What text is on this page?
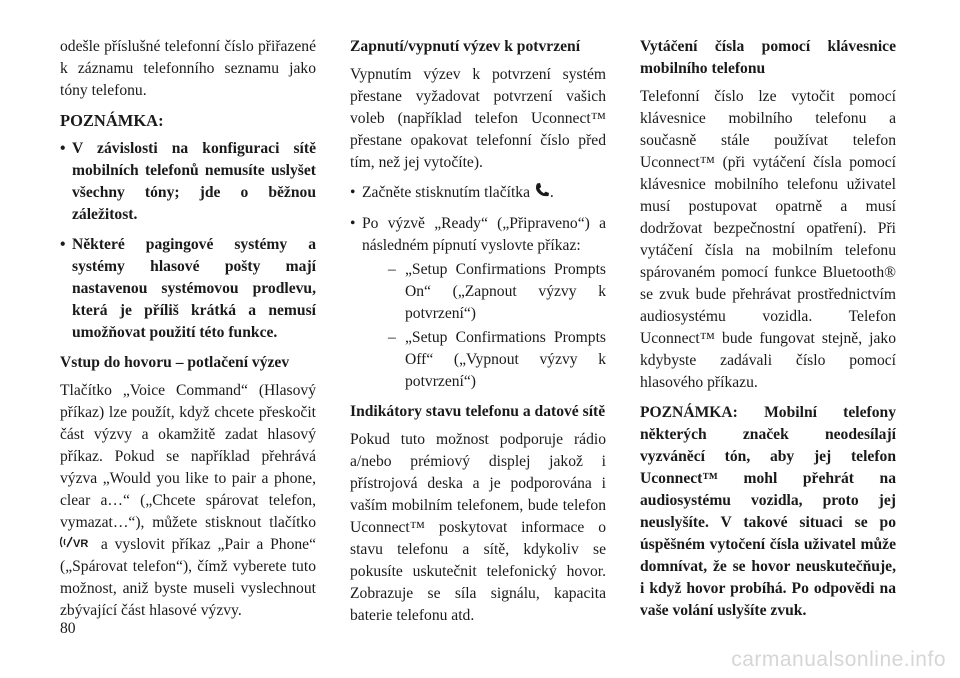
odešle příslušné telefonní číslo přiřazené k záznamu telefonního seznamu jako tóny telefonu.

POZNÁMKA:
• V závislosti na konfiguraci sítě mobilních telefonů nemusíte uslyšet všechny tóny; jde o běžnou záležitost.
• Některé pagingové systémy a systémy hlasové pošty mají nastavenou systémovou prodlevu, která je příliš krátká a nemusí umožňovat použití této funkce.
Vstup do hovoru – potlačení výzev

Tlačítko „Voice Command“ (Hlasový příkaz) lze použít, když chcete přeskočit část výzvy a okamžitě zadat hlasový příkaz. Pokud se například přehrává výzva „Would you like to pair a phone, clear a…“ („Chcete spárovat telefon, vymazat…“), můžete stisknout tlačítko
VR a vyslovit příkaz „Pair a Phone“ („Spárovat telefon“), čímž vyberete tuto možnost, aniž byste museli vyslechnout zbývající část hlasové výzvy.

Zapnutí/vypnutí výzev k potvrzení

Vypnutím výzev k potvrzení systém přestane vyžadovat potvrzení vašich voleb (například telefon Uconnect™ přestane opakovat telefonní číslo před tím, než jej vytočíte).

• Začněte stisknutím tlačítka .
• Po výzvě „Ready“ („Připraveno“) a následném pípnutí vyslovte příkaz:
– „Setup Confirmations Prompts On“ („Zapnout výzvy k potvrzení“)
– „Setup Confirmations Prompts Off“ („Vypnout výzvy k potvrzení“)
Indikátory stavu telefonu a datové sítě

Pokud tuto možnost podporuje rádio a/nebo prémiový displej jakož i přístrojová deska a je podporována i vaším mobilním telefonem, bude telefon Uconnect™ poskytovat informace o stavu telefonu a sítě, kdykoliv se pokusíte uskutečnit telefonický hovor. Zobrazuje se síla signálu, kapacita baterie telefonu atd.

Vytáčení čísla pomocí klávesnice mobilního telefonu

Telefonní číslo lze vytočit pomocí klávesnice mobilního telefonu a současně stále používat telefon Uconnect™ (při vytáčení čísla pomocí klávesnice mobilního telefonu uživatel musí postupovat opatrně a musí dodržovat bezpečnostní opatření). Při vytáčení čísla na mobilním telefonu spárovaném pomocí funkce Bluetooth® se zvuk bude přehrávat prostřednictvím audiosystému vozidla. Telefon Uconnect™ bude fungovat stejně, jako kdybyste zadávali číslo pomocí hlasového příkazu.

POZNÁMKA: Mobilní telefony některých značek neodesílají vyzváněcí tón, aby jej telefon Uconnect™ mohl přehrát na audiosystému vozidla, proto jej neuslyšíte. V takové situaci se po úspěšném vytočení čísla uživatel může domnívat, že se hovor neuskutečňuje, i když hovor probíhá. Po odpovědi na vaše volání uslyšíte zvuk.

80
carmanualsonline.info
